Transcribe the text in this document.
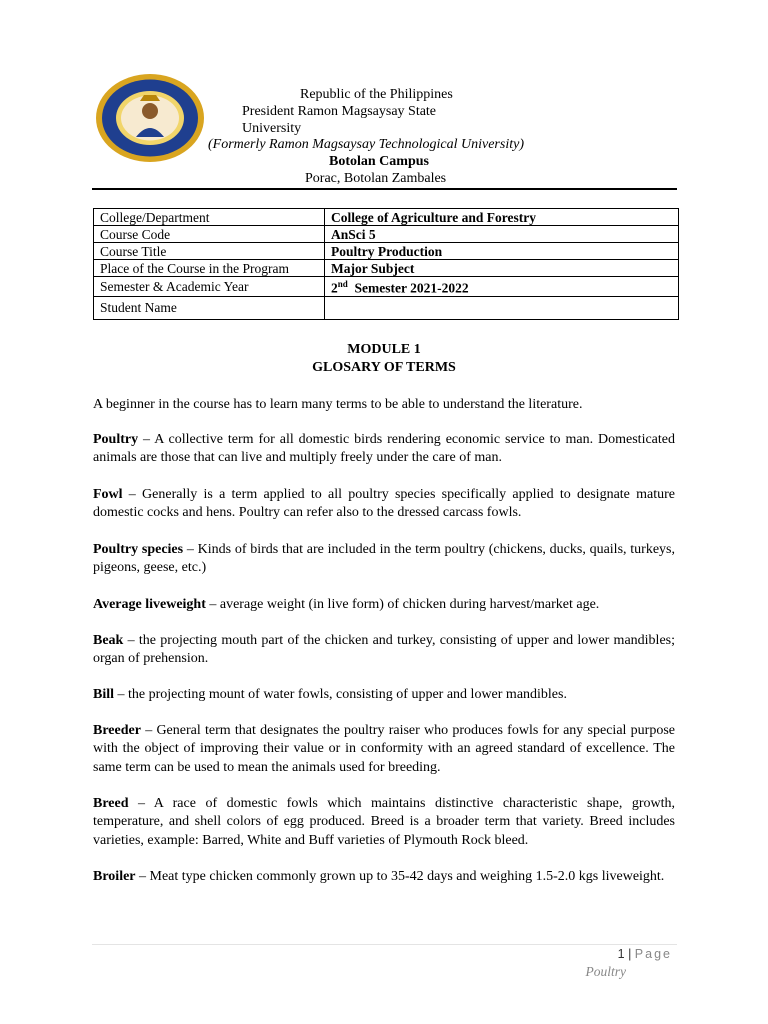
Republic of the Philippines
President Ramon Magsaysay State
University
(Formerly Ramon Magsaysay Technological University)
Botolan Campus
Porac, Botolan Zambales
College/Department	College of Agriculture and Forestry
Course Code	AnSci 5
Course Title	Poultry Production
Place of the Course in the Program	Major Subject
Semester & Academic Year	2nd  Semester 2021-2022
Student Name	
MODULE 1
GLOSARY OF TERMS
A beginner in the course has to learn many terms to be able to understand the literature.
Poultry – A collective term for all domestic birds rendering economic service to man. Domesticated animals are those that can live and multiply freely under the care of man.
Fowl – Generally is a term applied to all poultry species specifically applied to designate mature domestic cocks and hens. Poultry can refer also to the dressed carcass fowls.
Poultry species – Kinds of birds that are included in the term poultry (chickens, ducks, quails, turkeys, pigeons, geese, etc.)
Average liveweight – average weight (in live form) of chicken during harvest/market age.
Beak – the projecting mouth part of the chicken and turkey, consisting of upper and lower mandibles; organ of prehension.
Bill – the projecting mount of water fowls, consisting of upper and lower mandibles.
Breeder – General term that designates the poultry raiser who produces fowls for any special purpose with the object of improving their value or in conformity with an agreed standard of excellence. The same term can be used to mean the animals used for breeding.
Breed – A race of domestic fowls which maintains distinctive characteristic shape, growth, temperature, and shell colors of egg produced. Breed is a broader term that variety. Breed includes varieties, example: Barred, White and Buff varieties of Plymouth Rock bleed.
Broiler – Meat type chicken commonly grown up to 35-42 days and weighing 1.5-2.0 kgs liveweight.
1 | Page
Poultry
